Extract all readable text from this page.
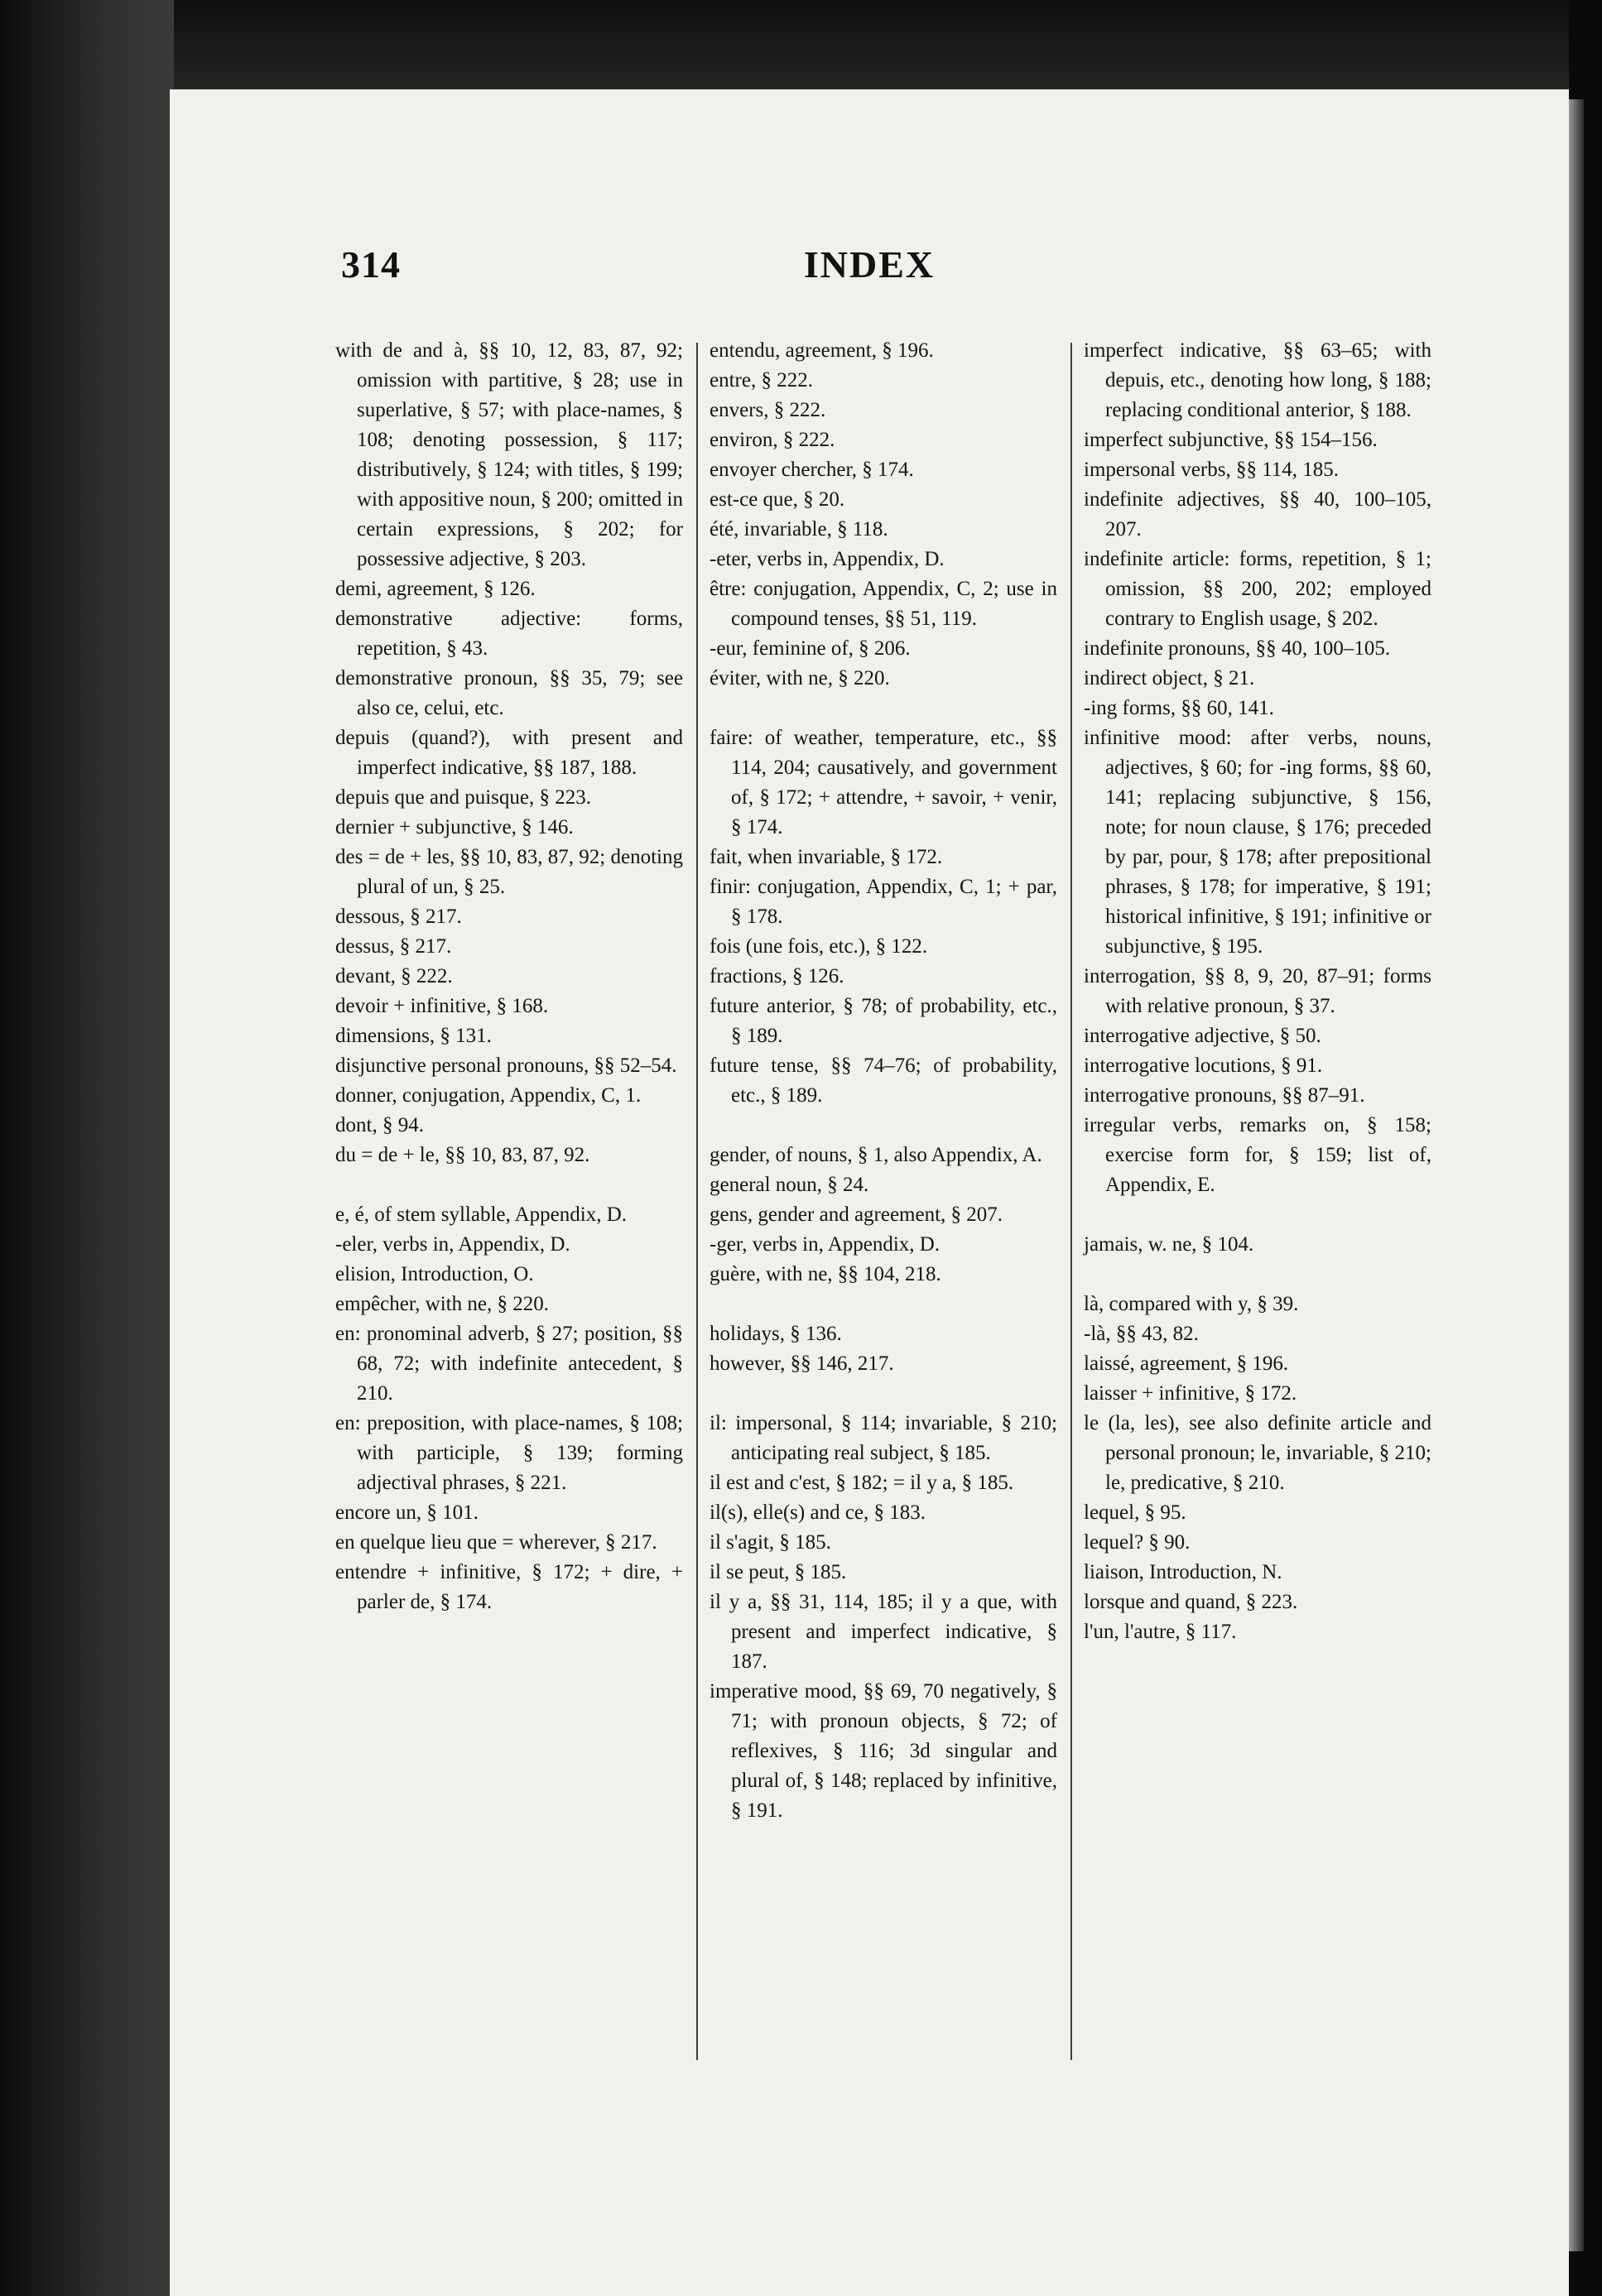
314	INDEX

with de and à, §§ 10, 12, 83, 87, 92; omission with partitive, § 28; use in superlative, § 57; with place-names, § 108; denoting possession, § 117; distributively, § 124; with titles, § 199; with appositive noun, § 200; omitted in certain expressions, § 202; for possessive adjective, § 203.

demi, agreement, § 126.

demonstrative adjective: forms, repetition, § 43.

demonstrative pronoun, §§ 35, 79; see also ce, celui, etc.

depuis (quand?), with present and imperfect indicative, §§ 187, 188.

depuis que and puisque, § 223.

dernier + subjunctive, § 146.

des = de + les, §§ 10, 83, 87, 92; denoting plural of un, § 25.

dessous, § 217.

dessus, § 217.

devant, § 222.

devoir + infinitive, § 168.

dimensions, § 131.

disjunctive personal pronouns, §§ 52–54.

donner, conjugation, Appendix, C, 1.

dont, § 94.

du = de + le, §§ 10, 83, 87, 92.

e, é, of stem syllable, Appendix, D.

-eler, verbs in, Appendix, D.

elision, Introduction, O.

empêcher, with ne, § 220.

en: pronominal adverb, § 27; position, §§ 68, 72; with indefinite antecedent, § 210.

en: preposition, with place-names, § 108; with participle, § 139; forming adjectival phrases, § 221.

encore un, § 101.

en quelque lieu que = wherever, § 217.

entendre + infinitive, § 172; + dire, + parler de, § 174.

entendu, agreement, § 196.

entre, § 222.

envers, § 222.

environ, § 222.

envoyer chercher, § 174.

est-ce que, § 20.

été, invariable, § 118.

-eter, verbs in, Appendix, D.

être: conjugation, Appendix, C, 2; use in compound tenses, §§ 51, 119.

-eur, feminine of, § 206.

éviter, with ne, § 220.

faire: of weather, temperature, etc., §§ 114, 204; causatively, and government of, § 172; + attendre, + savoir, + venir, § 174.

fait, when invariable, § 172.

finir: conjugation, Appendix, C, 1; + par, § 178.

fois (une fois, etc.), § 122.

fractions, § 126.

future anterior, § 78; of probability, etc., § 189.

future tense, §§ 74–76; of probability, etc., § 189.

gender, of nouns, § 1, also Appendix, A.

general noun, § 24.

gens, gender and agreement, § 207.

-ger, verbs in, Appendix, D.

guère, with ne, §§ 104, 218.

holidays, § 136.

however, §§ 146, 217.

il: impersonal, § 114; invariable, § 210; anticipating real subject, § 185.

il est and c'est, § 182; = il y a, § 185.

il(s), elle(s) and ce, § 183.

il s'agit, § 185.

il se peut, § 185.

il y a, §§ 31, 114, 185; il y a que, with present and imperfect indicative, § 187.

imperative mood, §§ 69, 70 negatively, § 71; with pronoun objects, § 72; of reflexives, § 116; 3d singular and plural of, § 148; replaced by infinitive, § 191.

imperfect indicative, §§ 63–65; with depuis, etc., denoting how long, § 188; replacing conditional anterior, § 188.

imperfect subjunctive, §§ 154–156.

impersonal verbs, §§ 114, 185.

indefinite adjectives, §§ 40, 100–105, 207.

indefinite article: forms, repetition, § 1; omission, §§ 200, 202; employed contrary to English usage, § 202.

indefinite pronouns, §§ 40, 100–105.

indirect object, § 21.

-ing forms, §§ 60, 141.

infinitive mood: after verbs, nouns, adjectives, § 60; for -ing forms, §§ 60, 141; replacing subjunctive, § 156, note; for noun clause, § 176; preceded by par, pour, § 178; after prepositional phrases, § 178; for imperative, § 191; historical infinitive, § 191; infinitive or subjunctive, § 195.

interrogation, §§ 8, 9, 20, 87–91; forms with relative pronoun, § 37.

interrogative adjective, § 50.

interrogative locutions, § 91.

interrogative pronouns, §§ 87–91.

irregular verbs, remarks on, § 158; exercise form for, § 159; list of, Appendix, E.

jamais, w. ne, § 104.

là, compared with y, § 39.

-là, §§ 43, 82.

laissé, agreement, § 196.

laisser + infinitive, § 172.

le (la, les), see also definite article and personal pronoun; le, invariable, § 210; le, predicative, § 210.

lequel, § 95.

lequel? § 90.

liaison, Introduction, N.

lorsque and quand, § 223.

l'un, l'autre, § 117.
